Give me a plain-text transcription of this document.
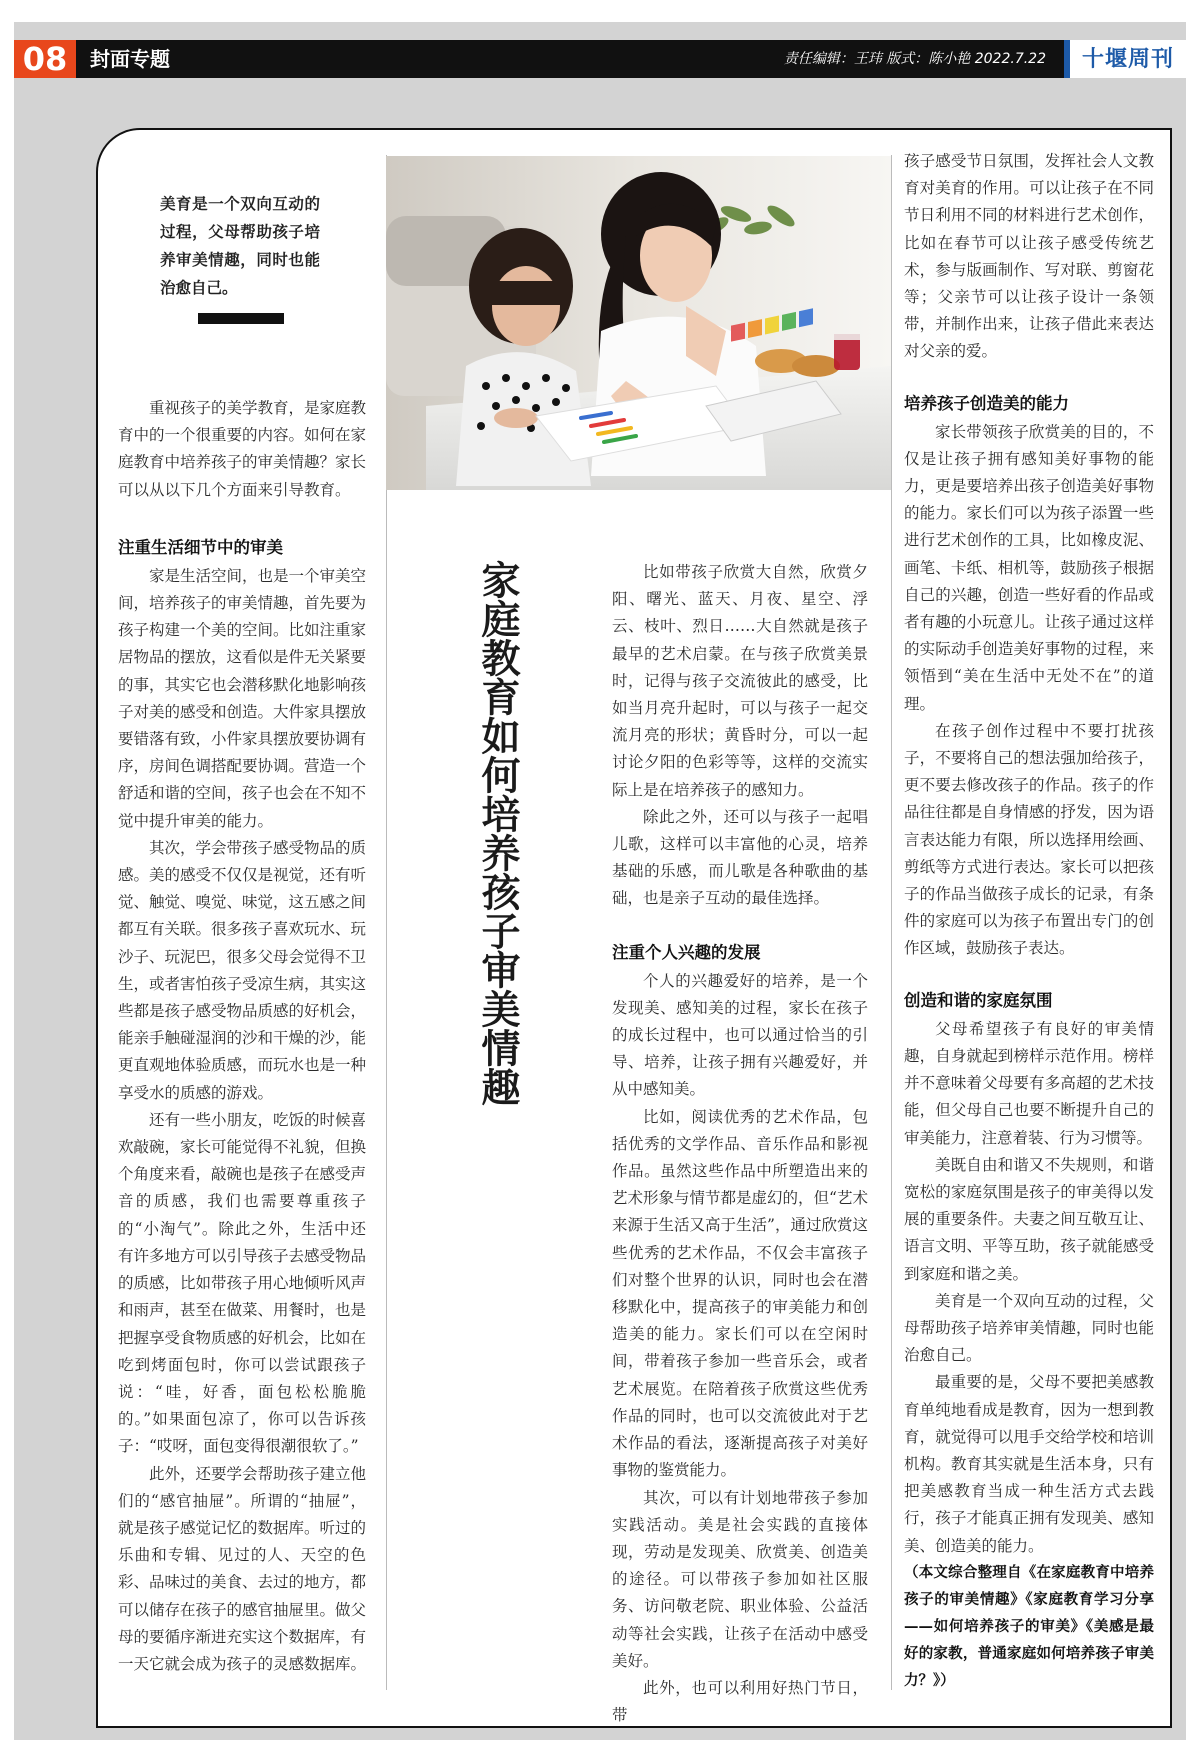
08	封面专题	责任编辑：王玮 版式：陈小艳 2022.7.22	十堰周刊
美育是一个双向互动的过程，父母帮助孩子培养审美情趣，同时也能治愈自己。

重视孩子的美学教育，是家庭教育中的一个很重要的内容。如何在家庭教育中培养孩子的审美情趣？家长可以从以下几个方面来引导教育。

注重生活细节中的审美

家是生活空间，也是一个审美空间，培养孩子的审美情趣，首先要为孩子构建一个美的空间。比如注重家居物品的摆放，这看似是件无关紧要的事，其实它也会潜移默化地影响孩子对美的感受和创造。大件家具摆放要错落有致，小件家具摆放要协调有序，房间色调搭配要协调。营造一个舒适和谐的空间，孩子也会在不知不觉中提升审美的能力。

其次，学会带孩子感受物品的质感。美的感受不仅仅是视觉，还有听觉、触觉、嗅觉、味觉，这五感之间都互有关联。很多孩子喜欢玩水、玩沙子、玩泥巴，很多父母会觉得不卫生，或者害怕孩子受凉生病，其实这些都是孩子感受物品质感的好机会，能亲手触碰湿润的沙和干燥的沙，能更直观地体验质感，而玩水也是一种享受水的质感的游戏。

还有一些小朋友，吃饭的时候喜欢敲碗，家长可能觉得不礼貌，但换个角度来看，敲碗也是孩子在感受声音的质感，我们也需要尊重孩子的“小淘气”。除此之外，生活中还有许多地方可以引导孩子去感受物品的质感，比如带孩子用心地倾听风声和雨声，甚至在做菜、用餐时，也是把握享受食物质感的好机会，比如在吃到烤面包时，你可以尝试跟孩子说：“哇，好香，面包松松脆脆的。”如果面包凉了，你可以告诉孩子：“哎呀，面包变得很潮很软了。”

此外，还要学会帮助孩子建立他们的“感官抽屉”。所谓的“抽屉”，就是孩子感觉记忆的数据库。听过的乐曲和专辑、见过的人、天空的色彩、品味过的美食、去过的地方，都可以储存在孩子的感官抽屉里。做父母的要循序渐进充实这个数据库，有一天它就会成为孩子的灵感数据库。

家庭教育如何培养孩子审美情趣	比如带孩子欣赏大自然，欣赏夕阳、曙光、蓝天、月夜、星空、浮云、枝叶、烈日……大自然就是孩子最早的艺术启蒙。在与孩子欣赏美景时，记得与孩子交流彼此的感受，比如当月亮升起时，可以与孩子一起交流月亮的形状；黄昏时分，可以一起讨论夕阳的色彩等等，这样的交流实际上是在培养孩子的感知力。

除此之外，还可以与孩子一起唱儿歌，这样可以丰富他的心灵，培养基础的乐感，而儿歌是各种歌曲的基础，也是亲子互动的最佳选择。

注重个人兴趣的发展

个人的兴趣爱好的培养，是一个发现美、感知美的过程，家长在孩子的成长过程中，也可以通过恰当的引导、培养，让孩子拥有兴趣爱好，并从中感知美。

比如，阅读优秀的艺术作品，包括优秀的文学作品、音乐作品和影视作品。虽然这些作品中所塑造出来的艺术形象与情节都是虚幻的，但“艺术来源于生活又高于生活”，通过欣赏这些优秀的艺术作品，不仅会丰富孩子们对整个世界的认识，同时也会在潜移默化中，提高孩子的审美能力和创造美的能力。家长们可以在空闲时间，带着孩子参加一些音乐会，或者艺术展览。在陪着孩子欣赏这些优秀作品的同时，也可以交流彼此对于艺术作品的看法，逐渐提高孩子对美好事物的鉴赏能力。

其次，可以有计划地带孩子参加实践活动。美是社会实践的直接体现，劳动是发现美、欣赏美、创造美的途径。可以带孩子参加如社区服务、访问敬老院、职业体验、公益活动等社会实践，让孩子在活动中感受美好。

此外，也可以利用好热门节日，带

孩子感受节日氛围，发挥社会人文教育对美育的作用。可以让孩子在不同节日利用不同的材料进行艺术创作，比如在春节可以让孩子感受传统艺术，参与版画制作、写对联、剪窗花等；父亲节可以让孩子设计一条领带，并制作出来，让孩子借此来表达对父亲的爱。

培养孩子创造美的能力

家长带领孩子欣赏美的目的，不仅是让孩子拥有感知美好事物的能力，更是要培养出孩子创造美好事物的能力。家长们可以为孩子添置一些进行艺术创作的工具，比如橡皮泥、画笔、卡纸、相机等，鼓励孩子根据自己的兴趣，创造一些好看的作品或者有趣的小玩意儿。让孩子通过这样的实际动手创造美好事物的过程，来领悟到“美在生活中无处不在”的道理。

在孩子创作过程中不要打扰孩子，不要将自己的想法强加给孩子，更不要去修改孩子的作品。孩子的作品往往都是自身情感的抒发，因为语言表达能力有限，所以选择用绘画、剪纸等方式进行表达。家长可以把孩子的作品当做孩子成长的记录，有条件的家庭可以为孩子布置出专门的创作区域，鼓励孩子表达。

创造和谐的家庭氛围

父母希望孩子有良好的审美情趣，自身就起到榜样示范作用。榜样并不意味着父母要有多高超的艺术技能，但父母自己也要不断提升自己的审美能力，注意着装、行为习惯等。

美既自由和谐又不失规则，和谐宽松的家庭氛围是孩子的审美得以发展的重要条件。夫妻之间互敬互让、语言文明、平等互助，孩子就能感受到家庭和谐之美。

美育是一个双向互动的过程，父母帮助孩子培养审美情趣，同时也能治愈自己。

最重要的是，父母不要把美感教育单纯地看成是教育，因为一想到教育，就觉得可以甩手交给学校和培训机构。教育其实就是生活本身，只有把美感教育当成一种生活方式去践行，孩子才能真正拥有发现美、感知美、创造美的能力。

（本文综合整理自《在家庭教育中培养孩子的审美情趣》《家庭教育学习分享——如何培养孩子的审美》《美感是最好的家教，普通家庭如何培养孩子审美力？》）
